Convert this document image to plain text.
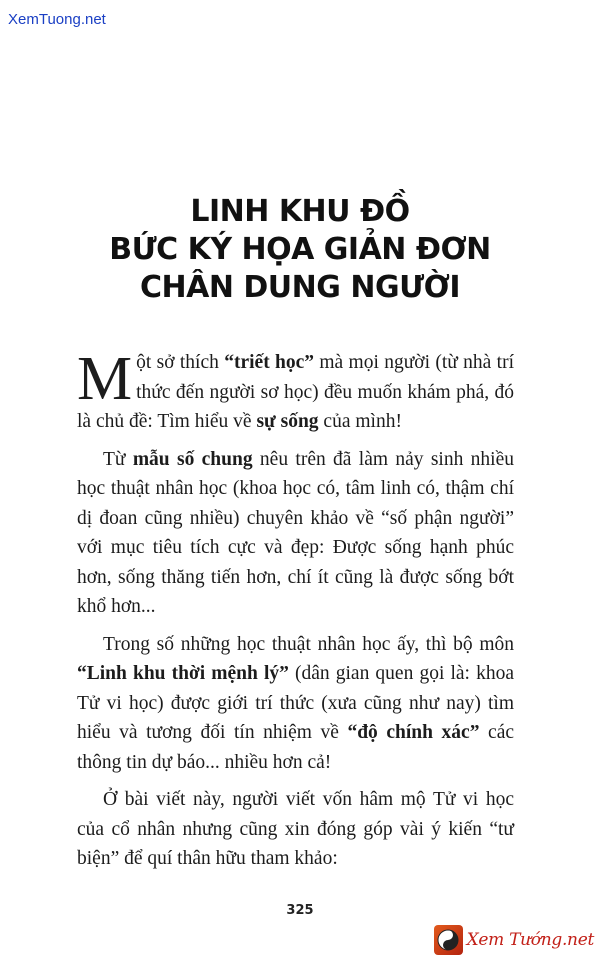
XemTuong.net
LINH KHU ĐỒ
BỨC KÝ HỌA GIẢN ĐƠN
CHÂN DUNG NGƯỜI

Một sở thích “triết học” mà mọi người (từ nhà trí thức đến người sơ học) đều muốn khám phá, đó là chủ đề: Tìm hiểu về sự sống của mình!

Từ mẫu số chung nêu trên đã làm nảy sinh nhiều học thuật nhân học (khoa học có, tâm linh có, thậm chí dị đoan cũng nhiều) chuyên khảo về “số phận người” với mục tiêu tích cực và đẹp: Được sống hạnh phúc hơn, sống thăng tiến hơn, chí ít cũng là được sống bớt khổ hơn...

Trong số những học thuật nhân học ấy, thì bộ môn “Linh khu thời mệnh lý” (dân gian quen gọi là: khoa Tử vi học) được giới trí thức (xưa cũng như nay) tìm hiểu và tương đối tín nhiệm về “độ chính xác” các thông tin dự báo... nhiều hơn cả!

Ở bài viết này, người viết vốn hâm mộ Tử vi học của cổ nhân nhưng cũng xin đóng góp vài ý kiến “tư biện” để quí thân hữu tham khảo:

325
Xem Tướng.net
